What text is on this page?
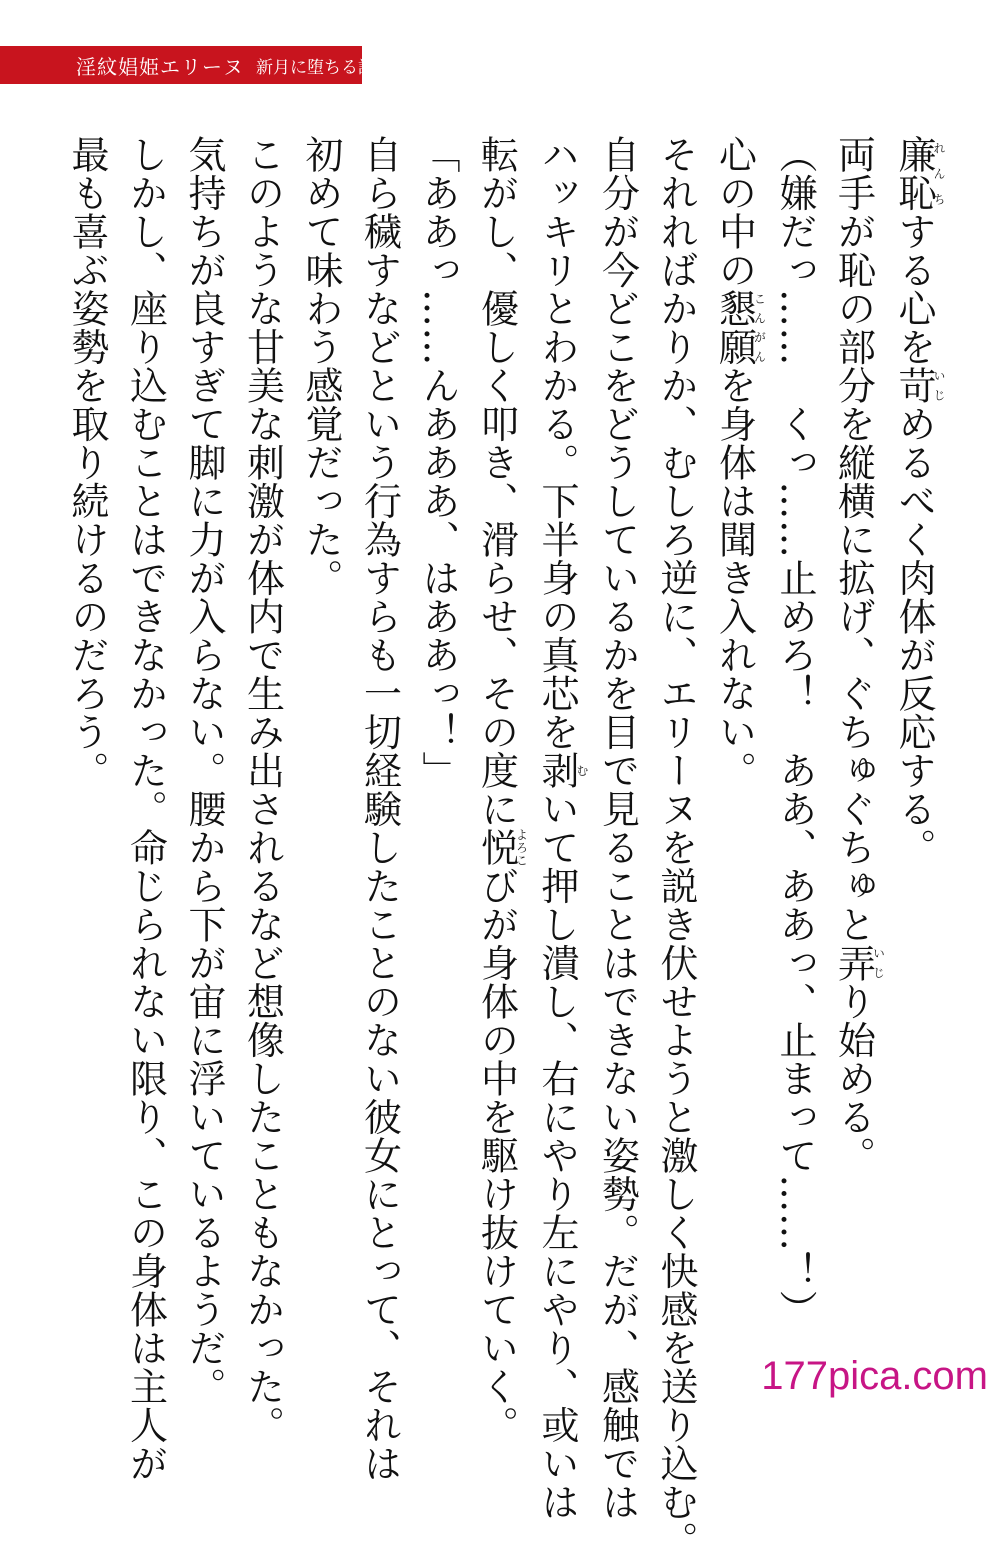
淫紋娼姫エリーヌ 新月に堕ちる誇り

廉恥れんちする心を苛いじめるべく肉体が反応する。

両手が恥の部分を縦横に拡げ、ぐちゅぐちゅと弄いじり始める。

（嫌だっ……　くっ……止めろ！　ああ、ああっ、止まって……！）

心の中の懇願こんがんを身体は聞き入れない。

それればかりか、むしろ逆に、エリーヌを説き伏せようと激しく快感を送り込む。

自分が今どこをどうしているかを目で見ることはできない姿勢。だが、感触では

ハッキリとわかる。下半身の真芯を剥むいて押し潰し、右にやり左にやり、或いは

転がし、優しく叩き、滑らせ、その度に悦よろこびが身体の中を駆け抜けていく。

「ああっ……んあああ、はああっ！」

自ら穢すなどという行為すらも一切経験したことのない彼女にとって、それは

初めて味わう感覚だった。

このような甘美な刺激が体内で生み出されるなど想像したこともなかった。

気持ちが良すぎて脚に力が入らない。腰から下が宙に浮いているようだ。

しかし、座り込むことはできなかった。命じられない限り、この身体は主人が

最も喜ぶ姿勢を取り続けるのだろう。

177pica.com
